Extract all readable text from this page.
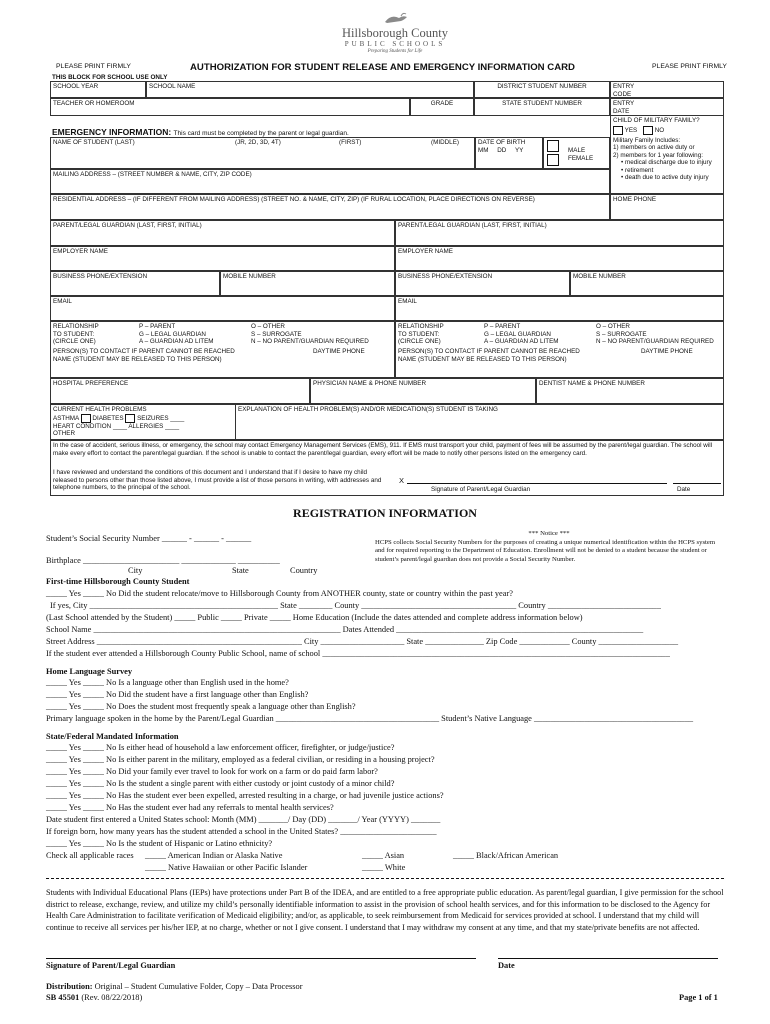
Hillsborough County
PUBLIC SCHOOLS
Preparing Students for Life
PLEASE PRINT FIRMLY	PLEASE PRINT FIRMLY
AUTHORIZATION FOR STUDENT RELEASE AND EMERGENCY INFORMATION CARD
THIS BLOCK FOR SCHOOL USE ONLY
SCHOOL YEAR	SCHOOL NAME	DISTRICT STUDENT NUMBER	ENTRY
CODE
TEACHER OR HOMEROOM	GRADE	STATE STUDENT NUMBER	ENTRY
DATE
CHILD OF MILITARY FAMILY?
YES	NO
Military Family Includes:
1) members on active duty or
2) members for 1 year following:
• medical discharge due to injury
• retirement
• death due to active duty injury
EMERGENCY INFORMATION: This card must be completed by the parent or legal guardian.
NAME OF STUDENT (LAST)	(JR, 2D, 3D, 4T)	(FIRST)	(MIDDLE)	DATE OF BIRTH
MM     DD     YY	MALE
FEMALE
MAILING ADDRESS – (STREET NUMBER & NAME, CITY, ZIP CODE)
RESIDENTIAL ADDRESS – (IF DIFFERENT FROM MAILING ADDRESS) (STREET NO. & NAME, CITY, ZIP) (IF RURAL LOCATION, PLACE DIRECTIONS ON REVERSE)	HOME PHONE
PARENT/LEGAL GUARDIAN (LAST, FIRST, INITIAL)	PARENT/LEGAL GUARDIAN (LAST, FIRST, INITIAL)
EMPLOYER NAME	EMPLOYER NAME
BUSINESS PHONE/EXTENSION	MOBILE NUMBER	BUSINESS PHONE/EXTENSION	MOBILE NUMBER
EMAIL	EMAIL
RELATIONSHIP
TO STUDENT:
(CIRCLE ONE)
P – PARENT
G – LEGAL GUARDIAN
A – GUARDIAN AD LITEM
O – OTHER
S – SURROGATE
N – NO PARENT/GUARDIAN REQUIRED
PERSON(S) TO CONTACT IF PARENT CANNOT BE REACHED
NAME (STUDENT MAY BE RELEASED TO THIS PERSON)
DAYTIME PHONE
RELATIONSHIP
TO STUDENT:
(CIRCLE ONE)
P – PARENT
G – LEGAL GUARDIAN
A – GUARDIAN AD LITEM
O – OTHER
S – SURROGATE
N – NO PARENT/GUARDIAN REQUIRED
PERSON(S) TO CONTACT IF PARENT CANNOT BE REACHED
NAME (STUDENT MAY BE RELEASED TO THIS PERSON)
DAYTIME PHONE
HOSPITAL PREFERENCE	PHYSICIAN NAME & PHONE NUMBER	DENTIST NAME & PHONE NUMBER
CURRENT HEALTH PROBLEMS
ASTHMA DIABETES SEIZURES ____
HEART CONDITION ____ ALLERGIES ____
OTHER
EXPLANATION OF HEALTH PROBLEM(S) AND/OR MEDICATION(S) STUDENT IS TAKING
In the case of accident, serious illness, or emergency, the school may contact Emergency Management Services (EMS), 911. If EMS must transport your child, payment of fees will be assumed by the parent/legal guardian. The school will make every effort to contact the parent/legal guardian. If the school is unable to contact the parent/legal guardian, every effort will be made to notify other persons listed on the emergency card.
I have reviewed and understand the conditions of this document and I understand that if I desire to have my child released to persons other than those listed above, I must provide a list of those persons in writing, with addresses and telephone numbers, to the principal of the school.
X
Signature of Parent/Legal Guardian	Date
REGISTRATION INFORMATION
Student’s Social Security Number ______ - ______ - ______
*** Notice ***
HCPS collects Social Security Numbers for the purposes of creating a unique numerical identification within the HCPS system and for required reporting to the Department of Education. Enrollment will not be denied to a student because the student or student’s parent/legal guardian does not provide a Social Security Number.
Birthplace _______________________ _____________ __________
City	State	Country
First-time Hillsborough County Student
_____ Yes _____ No Did the student relocate/move to Hillsborough County from ANOTHER county, state or country within the past year?
If yes, City _____________________________________________ State ________ County _____________________________________ Country ___________________________
(Last School attended by the Student) _____ Public _____ Private _____ Home Education (Include the dates attended and complete address information below)
School Name ___________________________________________________________ Dates Attended ___________________________________________________________
Street Address _________________________________________________ City ____________________ State ______________ Zip Code ____________ County ___________________
If the student ever attended a Hillsborough County Public School, name of school ___________________________________________________________________________________
Home Language Survey
_____ Yes _____ No Is a language other than English used in the home?
_____ Yes _____ No Did the student have a first language other than English?
_____ Yes _____ No Does the student most frequently speak a language other than English?
Primary language spoken in the home by the Parent/Legal Guardian _______________________________________ Student’s Native Language ______________________________________
State/Federal Mandated Information
_____ Yes _____ No Is either head of household a law enforcement officer, firefighter, or judge/justice?
_____ Yes _____ No Is either parent in the military, employed as a federal civilian, or residing in a housing project?
_____ Yes _____ No Did your family ever travel to look for work on a farm or do paid farm labor?
_____ Yes _____ No Is the student a single parent with either custody or joint custody of a minor child?
_____ Yes _____ No Has the student ever been expelled, arrested resulting in a charge, or had juvenile justice actions?
_____ Yes _____ No Has the student ever had any referrals to mental health services?
Date student first entered a United States school: Month (MM) _______/ Day (DD) _______/ Year (YYYY) _______
If foreign born, how many years has the student attended a school in the United States? _______________________
_____ Yes _____ No Is the student of Hispanic or Latino ethnicity?
Check all applicable races _____ American Indian or Alaska Native	_____ Asian	_____ Black/African American
_____ Native Hawaiian or other Pacific Islander	_____ White
Students with Individual Educational Plans (IEPs) have protections under Part B of the IDEA, and are entitled to a free appropriate public education. As parent/legal guardian, I give permission for the school district to release, exchange, review, and utilize my child’s personally identifiable information to assist in the provision of school health services, and for this information to be disclosed to the Agency for Health Care Administration to facilitate verification of Medicaid eligibility; and/or, as applicable, to seek reimbursement from Medicaid for services provided at school. I understand that my child will continue to receive all services per his/her IEP, at no charge, whether or not I give consent. I understand that I may withdraw my consent at any time, and that my state/private benefits are not affected.
Signature of Parent/Legal Guardian	Date
Distribution: Original – Student Cumulative Folder, Copy – Data Processor
SB 45501 (Rev. 08/22/2018)	Page 1 of 1
